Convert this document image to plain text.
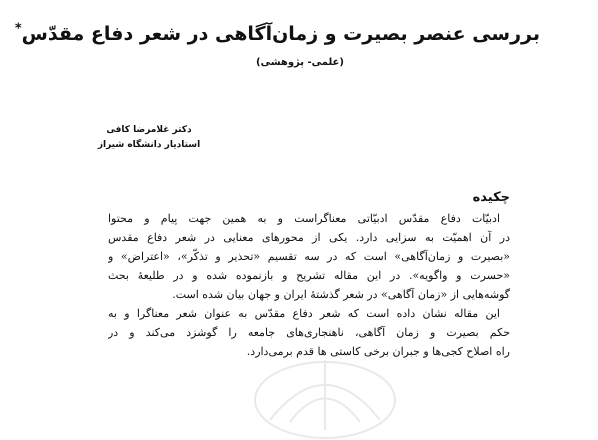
بررسی عنصر بصیرت و زمان‌آگاهی در شعر دفاع مقدّس*
(علمی- پژوهشی)
دکتر غلامرضا کافی
استادیار دانشگاه شیراز
چکیده
ادبیّات دفاع مقدّس ادبیّاتی معناگراست و به همین جهت پیام و محتوا
در آن اهمیّت به سزایی دارد. یکی از محورهای معنایی در شعر دفاع مقدس
«بصیرت و زمان‌آگاهی» است که در سه تقسیم «تحذیر و تذکّر»، «اعتراض» و
«حسرت و واگویه». در این مقاله تشریح و بازنموده شده و در طلیعهٔ بحث
گوشه‌هایی از «زمان آگاهی» در شعر گذشتهٔ ایران و جهان بیان شده است.
این مقاله نشان داده است که شعر دفاع مقدّس به عنوان شعر معناگرا و به
حکم بصیرت و زمان آگاهی، ناهنجاری‌های جامعه را گوشزد می‌کند و در
راه اصلاح کجی‌ها و جبران برخی کاستی ها قدم برمی‌دارد.
